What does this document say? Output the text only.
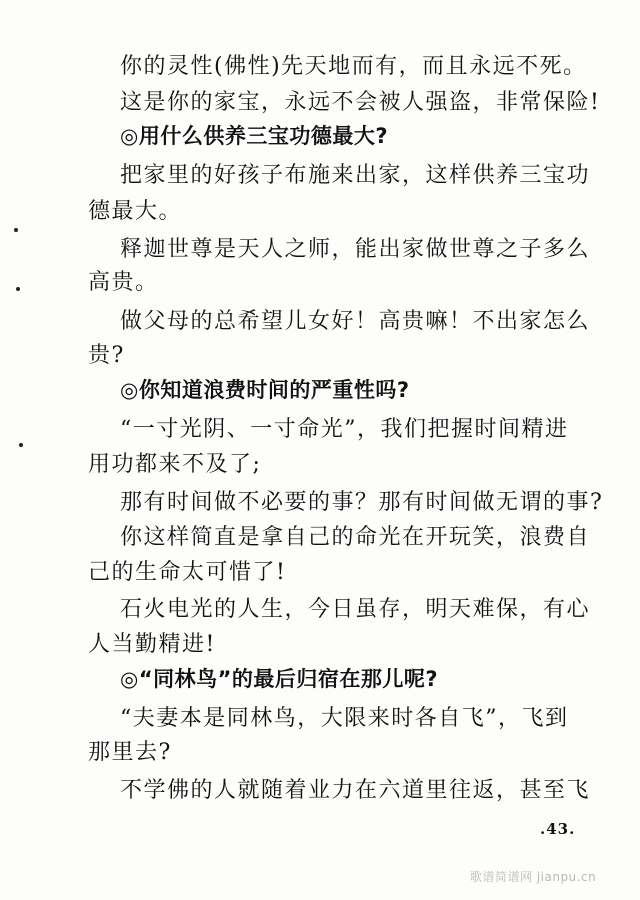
你的灵性(佛性)先天地而有，而且永远不死。

这是你的家宝，永远不会被人强盗，非常保险!

◎用什么供养三宝功德最大?

把家里的好孩子布施来出家，这样供养三宝功

德最大。

释迦世尊是天人之师，能出家做世尊之子多么

高贵。

做父母的总希望儿女好！高贵嘛！不出家怎么

贵?

◎你知道浪费时间的严重性吗?

“一寸光阴、一寸命光”，我们把握时间精进

用功都来不及了;

那有时间做不必要的事？那有时间做无谓的事?

你这样简直是拿自己的命光在开玩笑，浪费自

己的生命太可惜了!

石火电光的人生，今日虽存，明天难保，有心

人当勤精进!

◎“同林鸟”的最后归宿在那儿呢?

“夫妻本是同林鸟，大限来时各自飞”，飞到

那里去?

不学佛的人就随着业力在六道里往返，甚至飞

.43.

歌谱简谱网 jianpu.cn
